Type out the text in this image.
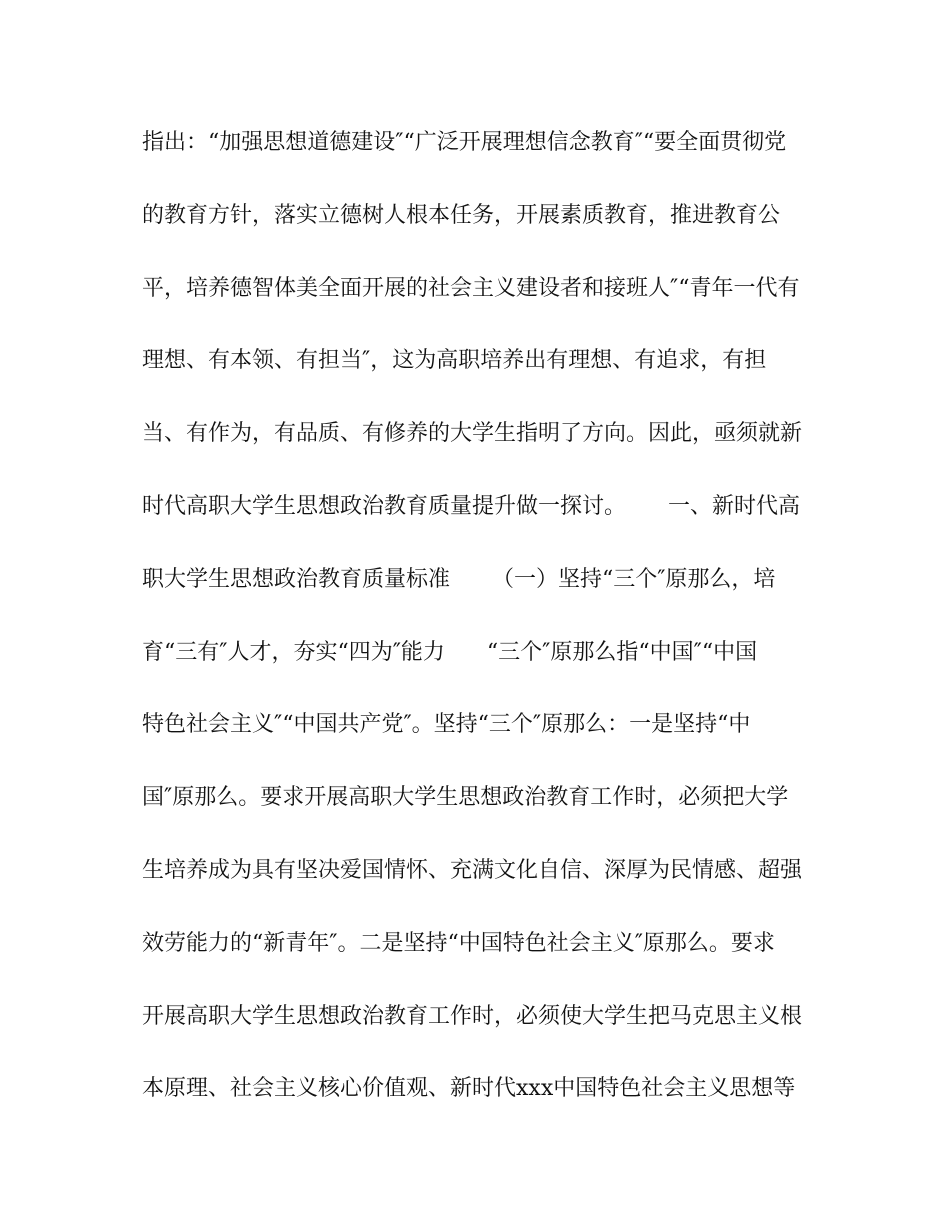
指出：“加强思想道德建设″“广泛开展理想信念教育″“要全面贯彻党
的教育方针，落实立德树人根本任务，开展素质教育，推进教育公
平，培养德智体美全面开展的社会主义建设者和接班人″“青年一代有
理想、有本领、有担当″，这为高职培养出有理想、有追求，有担
当、有作为，有品质、有修养的大学生指明了方向。因此，亟须就新
时代高职大学生思想政治教育质量提升做一探讨。      一、新时代高
职大学生思想政治教育质量标准      （一）坚持“三个″原那么，培
育“三有″人才，夯实“四为″能力      “三个″原那么指“中国″“中国
特色社会主义″“中国共产党″。坚持“三个″原那么：一是坚持“中
国″原那么。要求开展高职大学生思想政治教育工作时，必须把大学
生培养成为具有坚决爱国情怀、充满文化自信、深厚为民情感、超强
效劳能力的“新青年″。二是坚持“中国特色社会主义″原那么。要求
开展高职大学生思想政治教育工作时，必须使大学生把马克思主义根
本原理、社会主义核心价值观、新时代xxx中国特色社会主义思想等
